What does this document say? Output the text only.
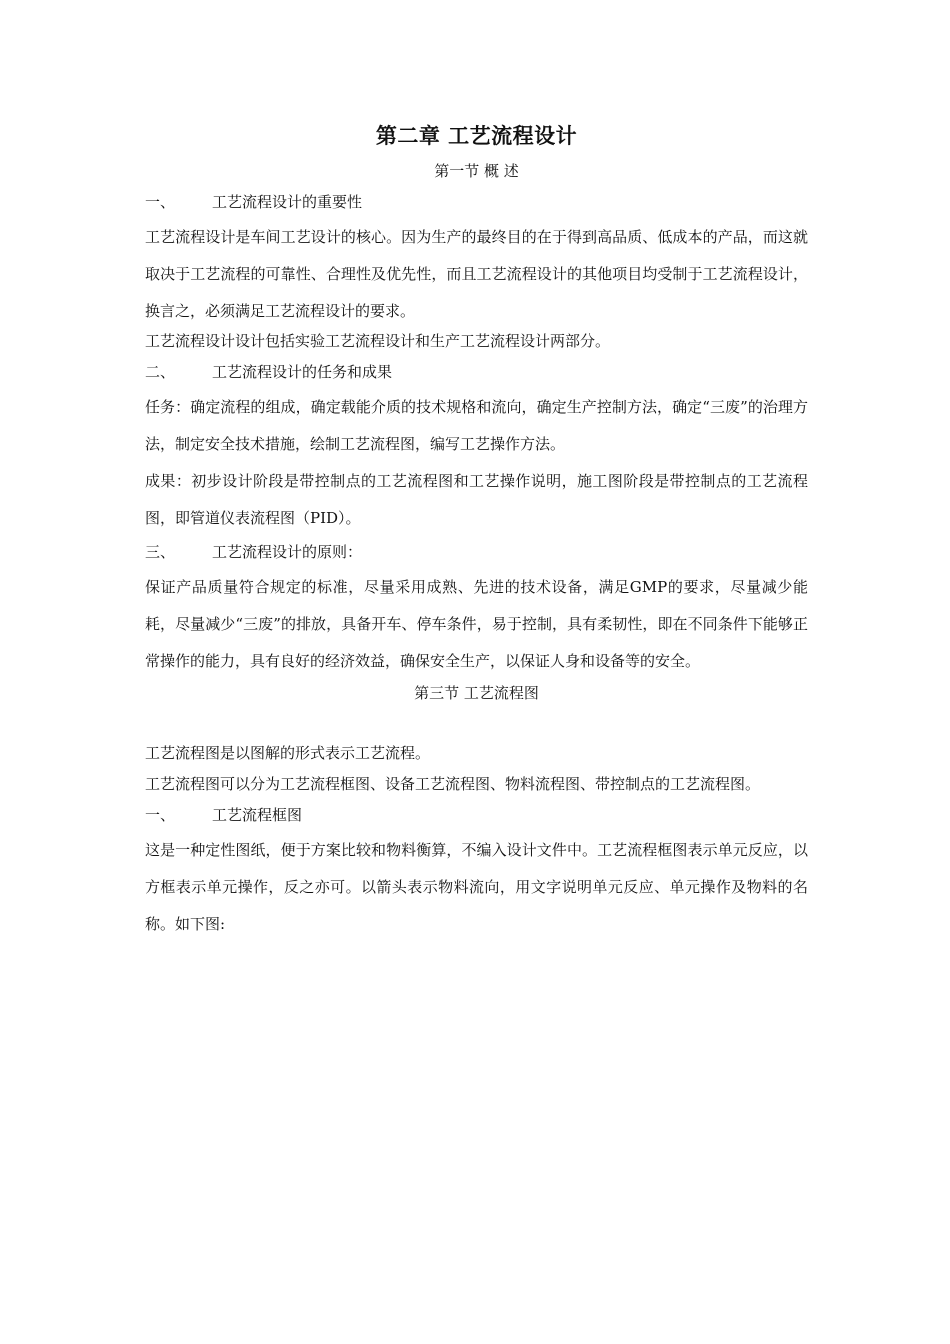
第二章 工艺流程设计
第一节 概 述
一、	工艺流程设计的重要性

工艺流程设计是车间工艺设计的核心。因为生产的最终目的在于得到高品质、低成本的产品，而这就取决于工艺流程的可靠性、合理性及优先性，而且工艺流程设计的其他项目均受制于工艺流程设计，换言之，必须满足工艺流程设计的要求。

工艺流程设计设计包括实验工艺流程设计和生产工艺流程设计两部分。

二、	工艺流程设计的任务和成果

任务：确定流程的组成，确定载能介质的技术规格和流向，确定生产控制方法，确定“三废”的治理方法，制定安全技术措施，绘制工艺流程图，编写工艺操作方法。

成果：初步设计阶段是带控制点的工艺流程图和工艺操作说明，施工图阶段是带控制点的工艺流程图，即管道仪表流程图（PID）。

三、	工艺流程设计的原则：

保证产品质量符合规定的标准，尽量采用成熟、先进的技术设备，满足GMP的要求，尽量减少能耗，尽量减少“三废”的排放，具备开车、停车条件，易于控制，具有柔韧性，即在不同条件下能够正常操作的能力，具有良好的经济效益，确保安全生产，以保证人身和设备等的安全。

第三节 工艺流程图

工艺流程图是以图解的形式表示工艺流程。

工艺流程图可以分为工艺流程框图、设备工艺流程图、物料流程图、带控制点的工艺流程图。

一、	工艺流程框图

这是一种定性图纸，便于方案比较和物料衡算，不编入设计文件中。工艺流程框图表示单元反应，以方框表示单元操作，反之亦可。以箭头表示物料流向，用文字说明单元反应、单元操作及物料的名称。如下图:
